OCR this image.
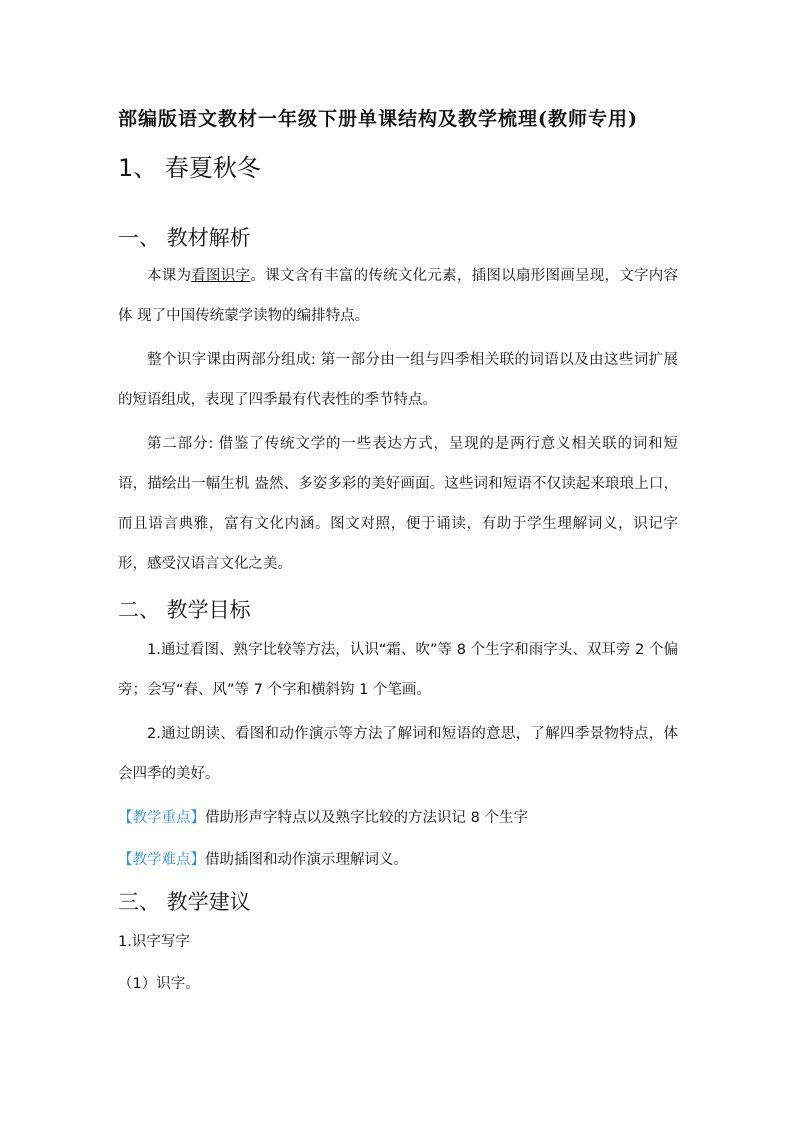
部编版语文教材一年级下册单课结构及教学梳理(教师专用)
1、 春夏秋冬
一、 教材解析
本课为看图识字。课文含有丰富的传统文化元素，插图以扇形图画呈现，文字内容体 现了中国传统蒙学读物的编排特点。
整个识字课由两部分组成: 第一部分由一组与四季相关联的词语以及由这些词扩展的短语组成，表现了四季最有代表性的季节特点。
第二部分: 借鉴了传统文学的一些表达方式，呈现的是两行意义相关联的词和短语，描绘出一幅生机 盎然、多姿多彩的美好画面。这些词和短语不仅读起来琅琅上口，而且语言典雅，富有文化内涵。图文对照，便于诵读，有助于学生理解词义，识记字形，感受汉语言文化之美。
二、 教学目标
1.通过看图、熟字比较等方法，认识“霜、吹”等 8 个生字和雨字头、双耳旁 2 个偏 旁；会写“春、风”等 7 个字和横斜钩 1 个笔画。
2.通过朗读、看图和动作演示等方法了解词和短语的意思，了解四季景物特点，体 会四季的美好。
【教学重点】借助形声字特点以及熟字比较的方法识记 8 个生字
【教学难点】借助插图和动作演示理解词义。
三、 教学建议
1.识字写字
（1）识字。
